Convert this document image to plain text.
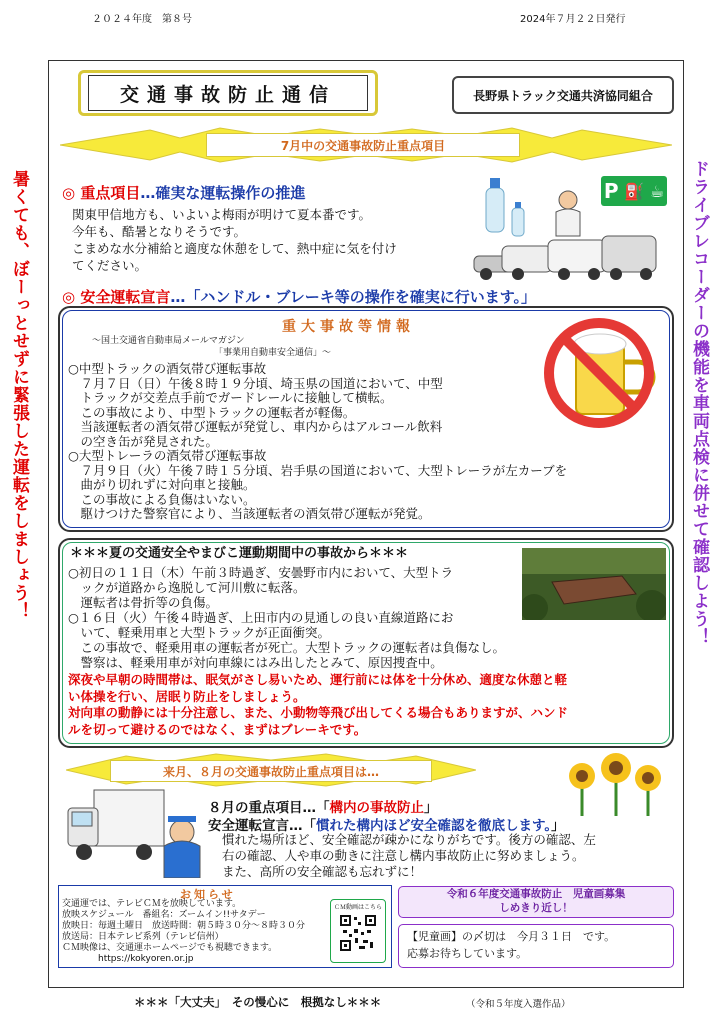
２０２４年度　第８号	2024年７月２２日発行
交通事故防止通信	長野県トラック交通共済協同組合
7月中の交通事故防止重点項目
暑くても、ぼーっとせずに緊張した運転をしましょう！	ドライブレコーダーの機能を車両点検に併せて確認しよう！
◎ 重点項目…確実な運転操作の推進
関東甲信地方も、いよいよ梅雨が明けて夏本番です。
今年も、酷暑となりそうです。
こまめな水分補給と適度な休憩をして、熱中症に気を付け
てください。
P ⛽ ☕
◎ 安全運転宣言…「ハンドル・ブレーキ等の操作を確実に行います。」
重大事故等情報
～国土交通省自動車局メールマガジン
「事業用自動車安全通信」～
○中型トラックの酒気帯び運転事故
　７月７日（日）午後８時１９分頃、埼玉県の国道において、中型
　トラックが交差点手前でガードレールに接触して横転。
　この事故により、中型トラックの運転者が軽傷。
　当該運転者の酒気帯び運転が発覚し、車内からはアルコール飲料
　の空き缶が発見された。
○大型トレーラの酒気帯び運転事故
　７月９日（火）午後７時１５分頃、岩手県の国道において、大型トレーラが左カーブを
　曲がり切れずに対向車と接触。
　この事故による負傷はいない。
　駆けつけた警察官により、当該運転者の酒気帯び運転が発覚。
＊＊＊夏の交通安全やまびこ運動期間中の事故から＊＊＊
○初日の１１日（木）午前３時過ぎ、安曇野市内において、大型トラ
　ックが道路から逸脱して河川敷に転落。
　運転者は骨折等の負傷。
○１６日（火）午後４時過ぎ、上田市内の見通しの良い直線道路にお
　いて、軽乗用車と大型トラックが正面衝突。
　この事故で、軽乗用車の運転者が死亡。大型トラックの運転者は負傷なし。
　警察は、軽乗用車が対向車線にはみ出したとみて、原因捜査中。
深夜や早朝の時間帯は、眠気がさし易いため、運行前には体を十分休め、適度な休憩と軽
い体操を行い、居眠り防止をしましょう。
対向車の動静には十分注意し、また、小動物等飛び出してくる場合もありますが、ハンド
ルを切って避けるのではなく、まずはブレーキです。
来月、８月の交通事故防止重点項目は…
８月の重点項目…「構内の事故防止」
安全運転宣言…「慣れた構内ほど安全確認を徹底します。」
慣れた場所ほど、安全確認が疎かになりがちです。後方の確認、左
右の確認、人や車の動きに注意し構内事故防止に努めましょう。
また、高所の安全確認も忘れずに！
お知らせ
交通運では、テレビＣＭを放映しています。
放映スケジュール　番組名：ズームイン!!サタデー
放映日：毎週土曜日　放送時間：朝５時３０分～８時３０分
放送局：日本テレビ系列（テレビ信州）
ＣＭ映像は、交通運ホームページでも視聴できます。
　　　　https://kokyoren.or.jp
ＣＭ動画はこちら
令和６年度交通事故防止　児童画募集
しめきり近し！
【児童画】の〆切は　今月３１日　です。
応募お待ちしています。
＊＊＊「大丈夫」　その慢心に　根拠なし＊＊＊	（令和５年度入選作品）
